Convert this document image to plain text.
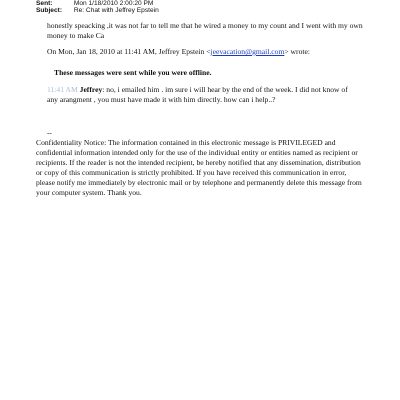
Sent:	Mon 1/18/2010 2:00:20 PM
Subject: Re: Chat with Jeffrey Epstein
honestly speacking ,it was not far to tell me that he wired a money to my count and I went with my own money to make Ca
On Mon, Jan 18, 2010 at 11:41 AM, Jeffrey Epstein <jeevacation@gmail.com> wrote:
These messages were sent while you were offline.
11:41 AM Jeffrey: no, i emailed him . im sure i will hear by the end of the week. I did not know of any arangment , you must have made it with him directly. how can i help..?
--
Confidentiality Notice: The information contained in this electronic message is PRIVILEGED and confidential information intended only for the use of the individual entity or entities named as recipient or recipients. If the reader is not the intended recipient, be hereby notified that any dissemination, distribution or copy of this communication is strictly prohibited. If you have received this communication in error, please notify me immediately by electronic mail or by telephone and permanently delete this message from your computer system. Thank you.
